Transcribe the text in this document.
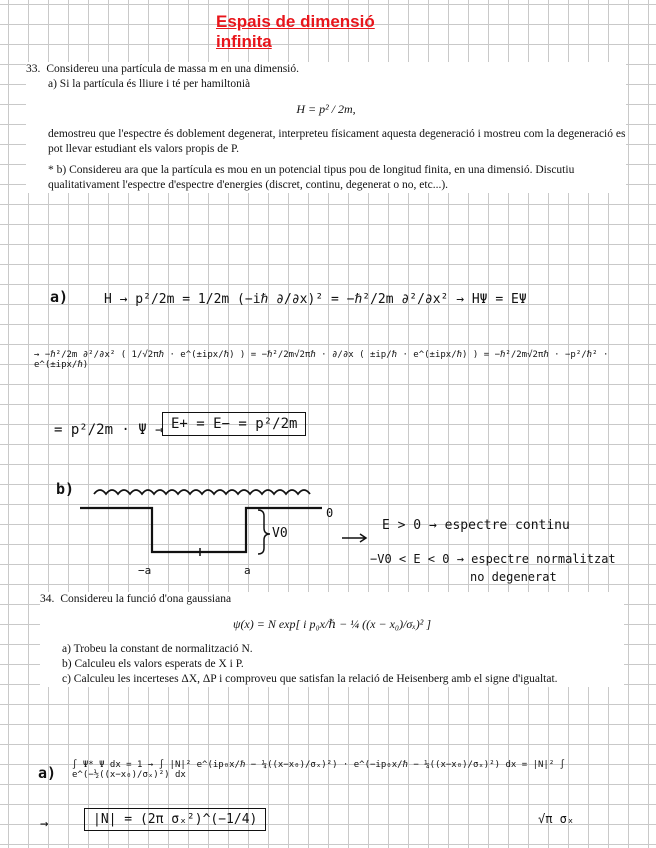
Espais de dimensió infinita
33. Considereu una partícula de massa m en una dimensió.
a) Si la partícula és lliure i té per hamiltonià
H = p² / 2m,
demostreu que l'espectre és doblement degenerat, interpreteu físicament aquesta degeneració i mostreu com la degeneració es pot llevar estudiant els valors propis de P.
* b) Considereu ara que la partícula es mou en un potencial tipus pou de longitud finita, en una dimensió. Discutiu qualitativament l'espectre d'espectre d'energies (discret, continu, degenerat o no, etc...).
a)	H → p²/2m = 1/2m (−iℏ ∂/∂x)² = −ℏ²/2m ∂²/∂x² → HΨ = EΨ
→ −ℏ²/2m ∂²/∂x² ( 1/√2πℏ · e^(±ipx/ℏ) ) = −ℏ²/2m√2πℏ · ∂/∂x ( ±ip/ℏ · e^(±ipx/ℏ) ) = −ℏ²/2m√2πℏ · −p²/ℏ² · e^(±ipx/ℏ)
= p²/2m · Ψ → E+ = E− = p²/2m
b)
V0
0
−a	a
E > 0 → espectre continu
−V0 < E < 0 → espectre normalitzat
no degenerat
34. Considereu la funció d'ona gaussiana
ψ(x) = N exp[ i p₀x/ℏ − ¼ ((x − x₀)/σₓ)² ]
a) Trobeu la constant de normalització N.
b) Calculeu els valors esperats de X i P.
c) Calculeu les incerteses ΔX, ΔP i comproveu que satisfan la relació de Heisenberg amb el signe d'igualtat.
a) ∫ Ψ* Ψ dx = 1 → ∫ |N|² e^(ip₀x/ℏ − ¼((x−x₀)/σₓ)²) · e^(−ip₀x/ℏ − ¼((x−x₀)/σₓ)²) dx = |N|² ∫ e^(−½((x−x₀)/σₓ)²) dx
√π σₓ
→	|N| = (2π σₓ²)^(−1/4)
